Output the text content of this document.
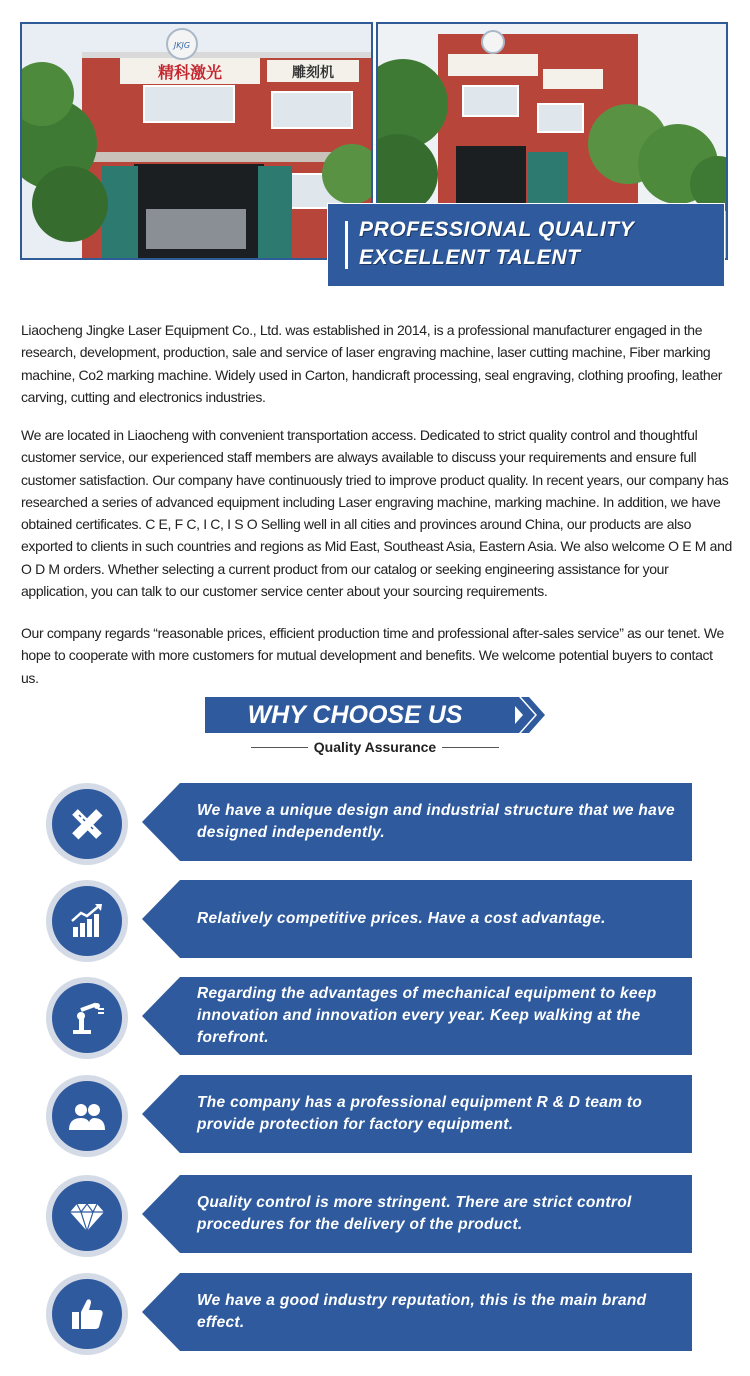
精科激光	雕刻机
JKJG
PROFESSIONAL QUALITY
EXCELLENT TALENT

Liaocheng Jingke Laser Equipment Co., Ltd. was established in 2014, is a professional manufacturer engaged in the research, development, production, sale and service of laser engraving machine, laser cutting machine, Fiber marking machine, Co2 marking machine. Widely used in Carton, handicraft processing, seal engraving, clothing proofing, leather carving, cutting and electronics industries.

We are located in Liaocheng with convenient transportation access. Dedicated to strict quality control and thoughtful customer service, our experienced staff members are always available to discuss your requirements and ensure full customer satisfaction. Our company have continuously tried to improve product quality. In recent years, our company has researched a series of advanced equipment including Laser engraving machine, marking machine. In addition, we have obtained certificates. C E, F C, I C, I S O Selling well in all cities and provinces around China, our products are also exported to clients in such countries and regions as Mid East, Southeast Asia, Eastern Asia. We also welcome O E M and O D M orders. Whether selecting a current product from our catalog or seeking engineering assistance for your application, you can talk to our customer service center about your sourcing requirements.

Our company regards “reasonable prices, efficient production time and professional after-sales service” as our tenet. We hope to cooperate with more customers for mutual development and benefits. We welcome potential buyers to contact us.

WHY CHOOSE US
Quality Assurance
We have a unique design and industrial structure that we have designed independently.
Relatively competitive prices. Have a cost advantage.
Regarding the advantages of mechanical equipment to keep innovation and innovation every year. Keep walking at the forefront.
The company has a professional equipment R & D team to provide protection for factory equipment.
Quality control is more stringent. There are strict control procedures for the delivery of the product.
We have a good industry reputation, this is the main brand effect.
